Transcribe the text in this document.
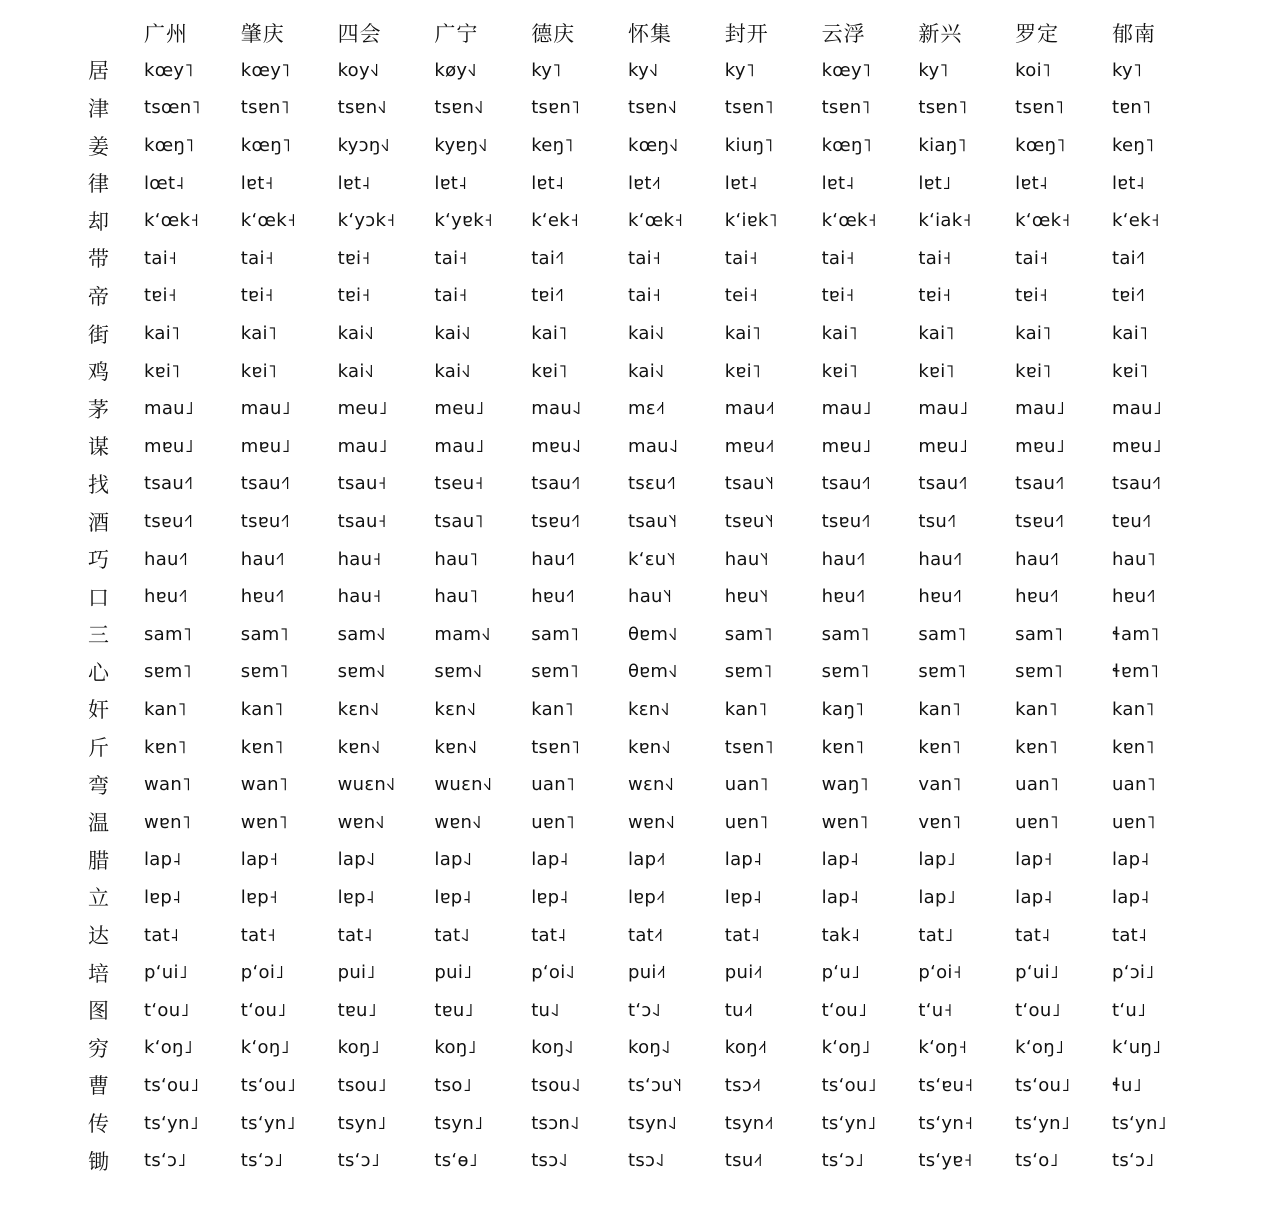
	广州	肇庆	四会	广宁	德庆	怀集	封开	云浮	新兴	罗定	郁南
居	kœy˥	kœy˥	koy˧˩	køy˧˩	ky˥	ky˧˩	ky˥	kœy˥	ky˥	koi˥	ky˥
津	tsœn˥	tsɐn˥	tsɐn˧˩	tsɐn˧˩	tsɐn˥	tsɐn˧˩	tsɐn˥	tsɐn˥	tsɐn˥	tsɐn˥	tɐn˥
姜	kœŋ˥	kœŋ˥	kyɔŋ˧˩	kyɐŋ˧˩	keŋ˥	kœŋ˧˩	kiuŋ˥	kœŋ˥	kiaŋ˥	kœŋ˥	keŋ˥
律	lœt˨	lɐt˧	lɐt˨	lɐt˨	lɐt˨	lɐt˨˦	lɐt˨	lɐt˨	lɐt˩	lɐt˨	lɐt˨
却	k‘œk˧	k‘œk˧	k‘yɔk˧	k‘yɐk˧	k‘ek˧	k‘œk˧	k‘iɐk˥	k‘œk˧	k‘iak˧	k‘œk˧	k‘ek˧
带	tai˧	tai˧	tɐi˧	tai˧	tai˧˥	tai˧	tai˧	tai˧	tai˧	tai˧	tai˧˥
帝	tɐi˧	tɐi˧	tɐi˧	tai˧	tɐi˧˥	tai˧	tei˧	tɐi˧	tɐi˧	tɐi˧	tɐi˧˥
街	kai˥	kai˥	kai˧˩	kai˧˩	kai˥	kai˧˩	kai˥	kai˥	kai˥	kai˥	kai˥
鸡	kɐi˥	kɐi˥	kai˧˩	kai˧˩	kɐi˥	kai˧˩	kɐi˥	kɐi˥	kɐi˥	kɐi˥	kɐi˥
茅	mau˩	mau˩	meu˩	meu˩	mau˨˩	mɛ˨˦	mau˨˦	mau˩	mau˩	mau˩	mau˩
谋	mɐu˩	mɐu˩	mau˩	mau˩	mɐu˨˩	mau˨˩	mɐu˨˦	mɐu˩	mɐu˩	mɐu˩	mɐu˩
找	tsau˧˥	tsau˧˥	tsau˧	tseu˧	tsau˧˥	tsɛu˧˥	tsau˥˧	tsau˧˥	tsau˧˥	tsau˧˥	tsau˧˥
酒	tsɐu˧˥	tsɐu˧˥	tsau˧	tsau˥	tsɐu˧˥	tsau˥˧	tsɐu˥˧	tsɐu˧˥	tsu˧˥	tsɐu˧˥	tɐu˧˥
巧	hau˧˥	hau˧˥	hau˧	hau˥	hau˧˥	k‘ɛu˥˧	hau˥˧	hau˧˥	hau˧˥	hau˧˥	hau˥
口	hɐu˧˥	hɐu˧˥	hau˧	hau˥	hɐu˧˥	hau˥˧	hɐu˥˧	hɐu˧˥	hɐu˧˥	hɐu˧˥	hɐu˧˥
三	sam˥	sam˥	sam˧˩	mam˧˩	sam˥	θɐm˧˩	sam˥	sam˥	sam˥	sam˥	ɬam˥
心	sɐm˥	sɐm˥	sɐm˧˩	sɐm˧˩	sɐm˥	θɐm˧˩	sɐm˥	sɐm˥	sɐm˥	sɐm˥	ɬɐm˥
奸	kan˥	kan˥	kɛn˧˩	kɛn˧˩	kan˥	kɛn˧˩	kan˥	kaŋ˥	kan˥	kan˥	kan˥
斤	kɐn˥	kɐn˥	kɐn˧˩	kɐn˧˩	tsɐn˥	kɐn˧˩	tsɐn˥	kɐn˥	kɐn˥	kɐn˥	kɐn˥
弯	wan˥	wan˥	wuɛn˧˩	wuɛn˧˩	uan˥	wɛn˧˩	uan˥	waŋ˥	van˥	uan˥	uan˥
温	wɐn˥	wɐn˥	wɐn˧˩	wɐn˧˩	uɐn˥	wɐn˧˩	uɐn˥	wɐn˥	vɐn˥	uɐn˥	uɐn˥
腊	lap˨	lap˧	lap˨˩	lap˨˩	lap˨	lap˨˦	lap˨	lap˨	lap˩	lap˧	lap˨
立	lɐp˨	lɐp˧	lɐp˨	lɐp˨	lɐp˨	lɐp˨˦	lɐp˨	lap˨	lap˩	lap˨	lap˨
达	tat˨	tat˧	tat˨	tat˨˩	tat˨	tat˨˦	tat˨	tak˨	tat˩	tat˨	tat˨
培	p‘ui˩	p‘oi˩	pui˩	pui˩	p‘oi˨˩	pui˨˦	pui˨˦	p‘u˩	p‘oi˧	p‘ui˩	p‘ɔi˩
图	t‘ou˩	t‘ou˩	tɐu˩	tɐu˩	tu˨˩	t‘ɔ˨˩	tu˨˦	t‘ou˩	t‘u˧	t‘ou˩	t‘u˩
穷	k‘oŋ˩	k‘oŋ˩	koŋ˩	koŋ˩	koŋ˨˩	koŋ˨˩	koŋ˨˦	k‘oŋ˩	k‘oŋ˧	k‘oŋ˩	k‘uŋ˩
曹	ts‘ou˩	ts‘ou˩	tsou˩	tso˩	tsou˨˩	ts‘ɔu˥˧	tsɔ˨˦	ts‘ou˩	ts‘ɐu˧	ts‘ou˩	ɬu˩
传	ts‘yn˩	ts‘yn˩	tsyn˩	tsyn˩	tsɔn˨˩	tsyn˨˩	tsyn˨˦	ts‘yn˩	ts‘yn˧	ts‘yn˩	ts‘yn˩
锄	ts‘ɔ˩	ts‘ɔ˩	ts‘ɔ˩	ts‘ɵ˩	tsɔ˨˩	tsɔ˨˩	tsu˨˦	ts‘ɔ˩	ts‘yɐ˧	ts‘o˩	ts‘ɔ˩
